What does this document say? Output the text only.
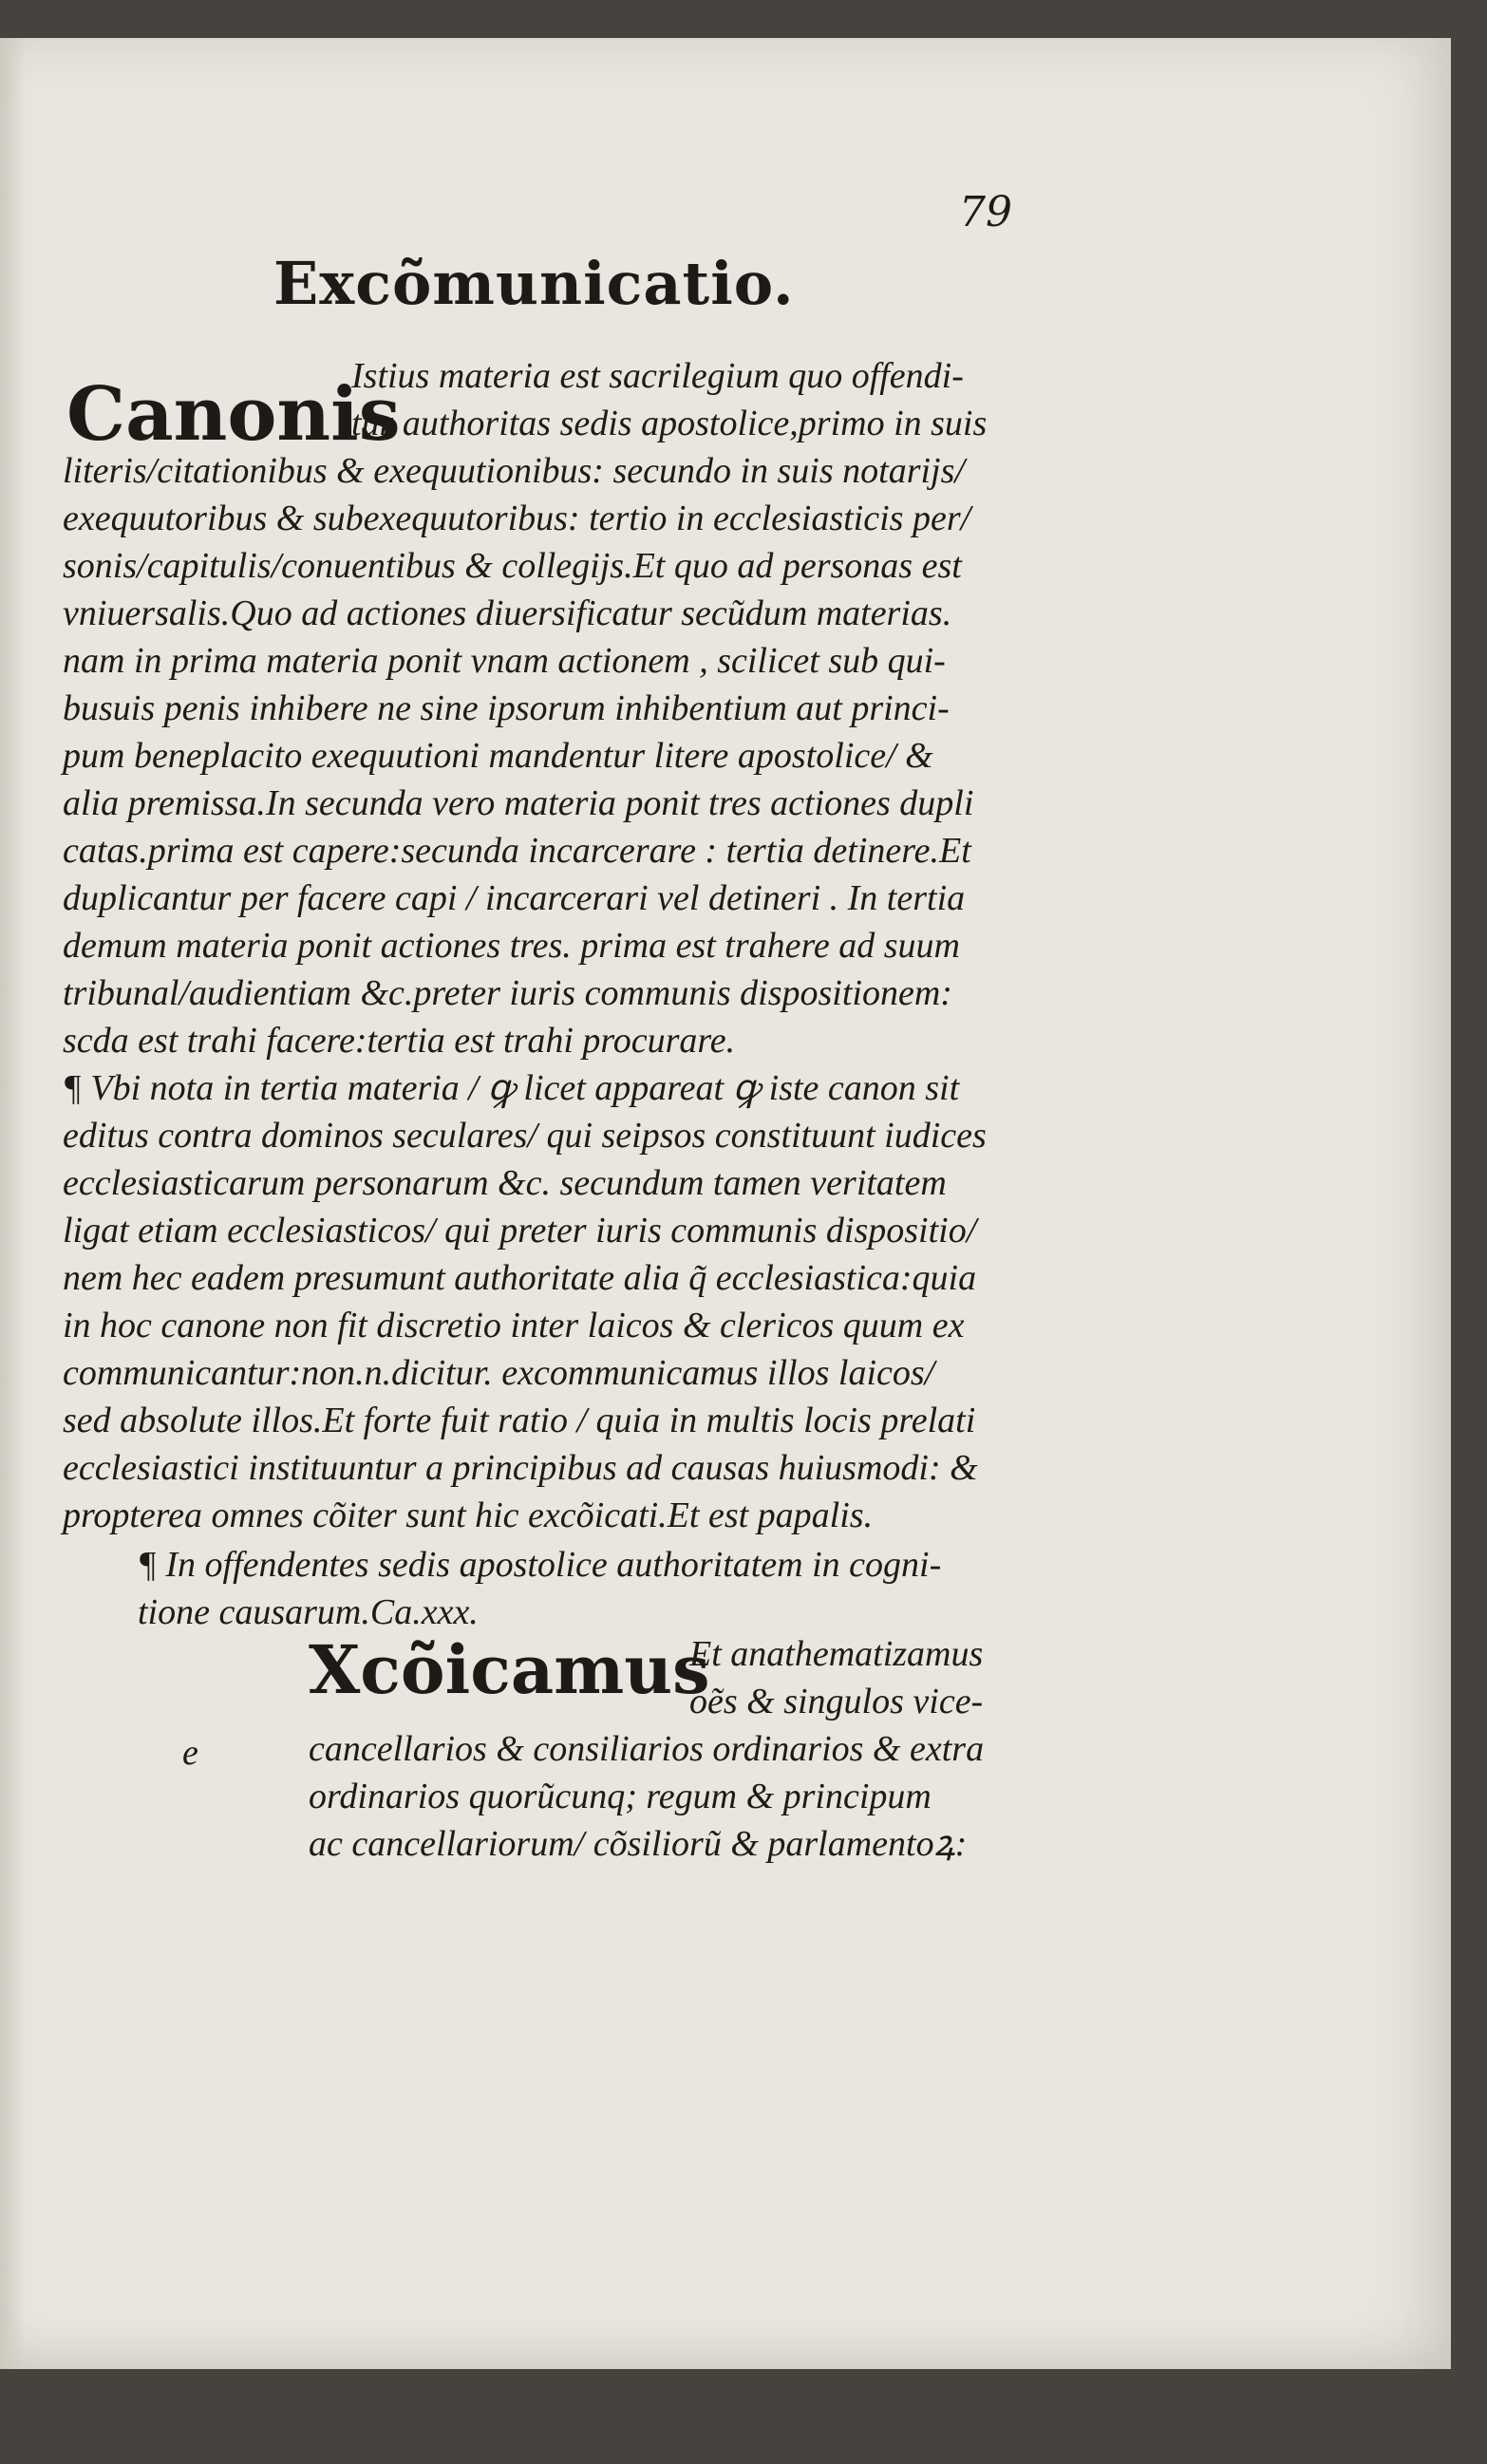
79
Excõmunicatio.
Canonis
Xcõicamus
e
Istius materia est sacrilegium quo offendi-
tur authoritas sedis apostolice,primo in suis
literis/citationibus & exequutionibus: secundo in suis notarijs/
exequutoribus & subexequutoribus: tertio in ecclesiasticis per/
sonis/capitulis/conuentibus & collegijs.Et quo ad personas est
vniuersalis.Quo ad actiones diuersificatur secũdum materias.
nam in prima materia ponit vnam actionem , scilicet sub qui-
busuis penis inhibere ne sine ipsorum inhibentium aut princi-
pum beneplacito exequutioni mandentur litere apostolice/ &
alia premissa.In secunda vero materia ponit tres actiones dupli
catas.prima est capere:secunda incarcerare : tertia detinere.Et
duplicantur per facere capi / incarcerari vel detineri . In tertia
demum materia ponit actiones tres. prima est trahere ad suum
tribunal/audientiam &c.preter iuris communis dispositionem:
scda est trahi facere:tertia est trahi procurare.
¶ Vbi nota in tertia materia / ꝙ licet appareat ꝙ iste canon sit
editus contra dominos seculares/ qui seipsos constituunt iudices
ecclesiasticarum personarum &c. secundum tamen veritatem
ligat etiam ecclesiasticos/ qui preter iuris communis dispositio/
nem hec eadem presumunt authoritate alia q̃ ecclesiastica:quia
in hoc canone non fit discretio inter laicos & clericos quum ex
communicantur:non.n.dicitur. excommunicamus illos laicos/
sed absolute illos.Et forte fuit ratio / quia in multis locis prelati
ecclesiastici instituuntur a principibus ad causas huiusmodi: &
propterea omnes cõiter sunt hic excõicati.Et est papalis.
¶ In offendentes sedis apostolice authoritatem in cogni-
tione causarum.Ca.xxx.
Et anathematizamus
oẽs & singulos vice-
cancellarios & consiliarios ordinarios & extra
ordinarios quorũcunq; regum & principum
ac cancellariorum/ cõsiliorũ & parlamentoꝝ:
